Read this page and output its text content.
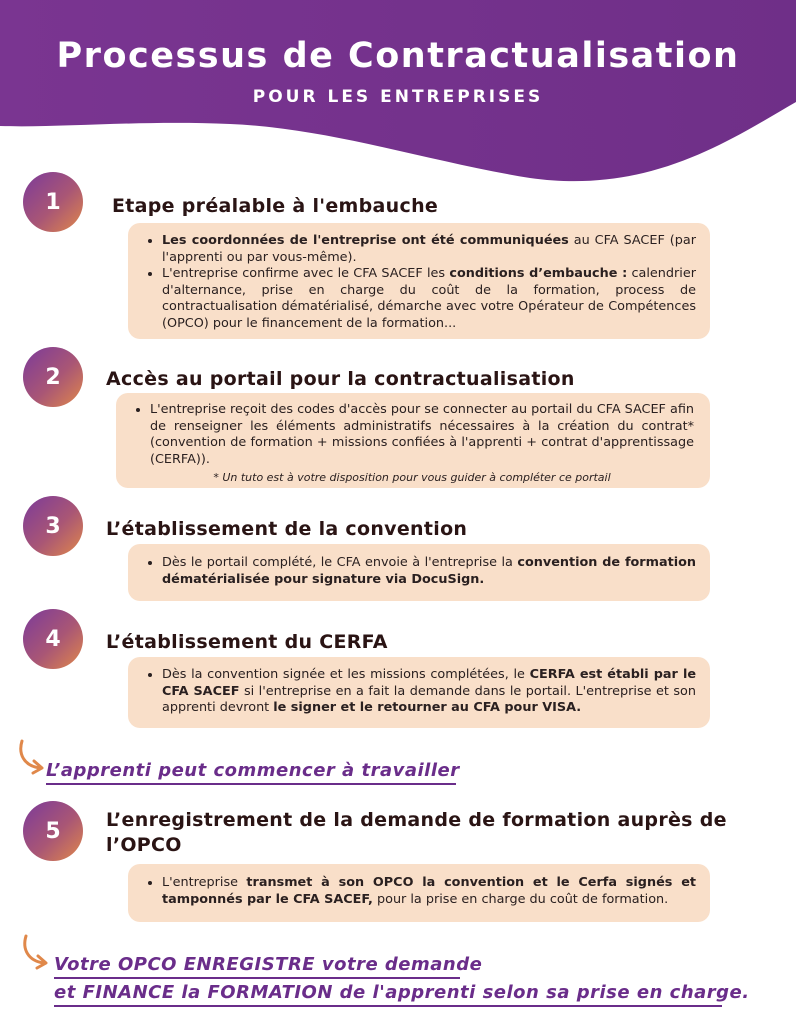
Processus de Contractualisation
POUR LES ENTREPRISES
1	Etape préalable à l'embauche
• Les coordonnées de l'entreprise ont été communiquées au CFA SACEF (par l'apprenti ou par vous-même).
• L'entreprise confirme avec le CFA SACEF les conditions d’embauche : calendrier d'alternance, prise en charge du coût de la formation, process de contractualisation dématérialisé, démarche avec votre Opérateur de Compétences (OPCO) pour le financement de la formation...
2	Accès au portail pour la contractualisation
• L'entreprise reçoit des codes d'accès pour se connecter au portail du CFA SACEF afin de renseigner les éléments administratifs nécessaires à la création du contrat* (convention de formation + missions confiées à l'apprenti + contrat d'apprentissage (CERFA)).
* Un tuto est à votre disposition pour vous guider à compléter ce portail
3	L’établissement de la convention
• Dès le portail complété, le CFA envoie à l'entreprise la convention de formation dématérialisée pour signature via DocuSign.
4	L’établissement du CERFA
• Dès la convention signée et les missions complétées, le CERFA est établi par le CFA SACEF si l'entreprise en a fait la demande dans le portail. L'entreprise et son apprenti devront le signer et le retourner au CFA pour VISA.
L’apprenti peut commencer à travailler
5	L’enregistrement de la demande de formation auprès de l’OPCO
• L'entreprise transmet à son OPCO la convention et le Cerfa signés et tamponnés par le CFA SACEF, pour la prise en charge du coût de formation.
Votre OPCO ENREGISTRE votre demande
et FINANCE la FORMATION de l'apprenti selon sa prise en charge.
